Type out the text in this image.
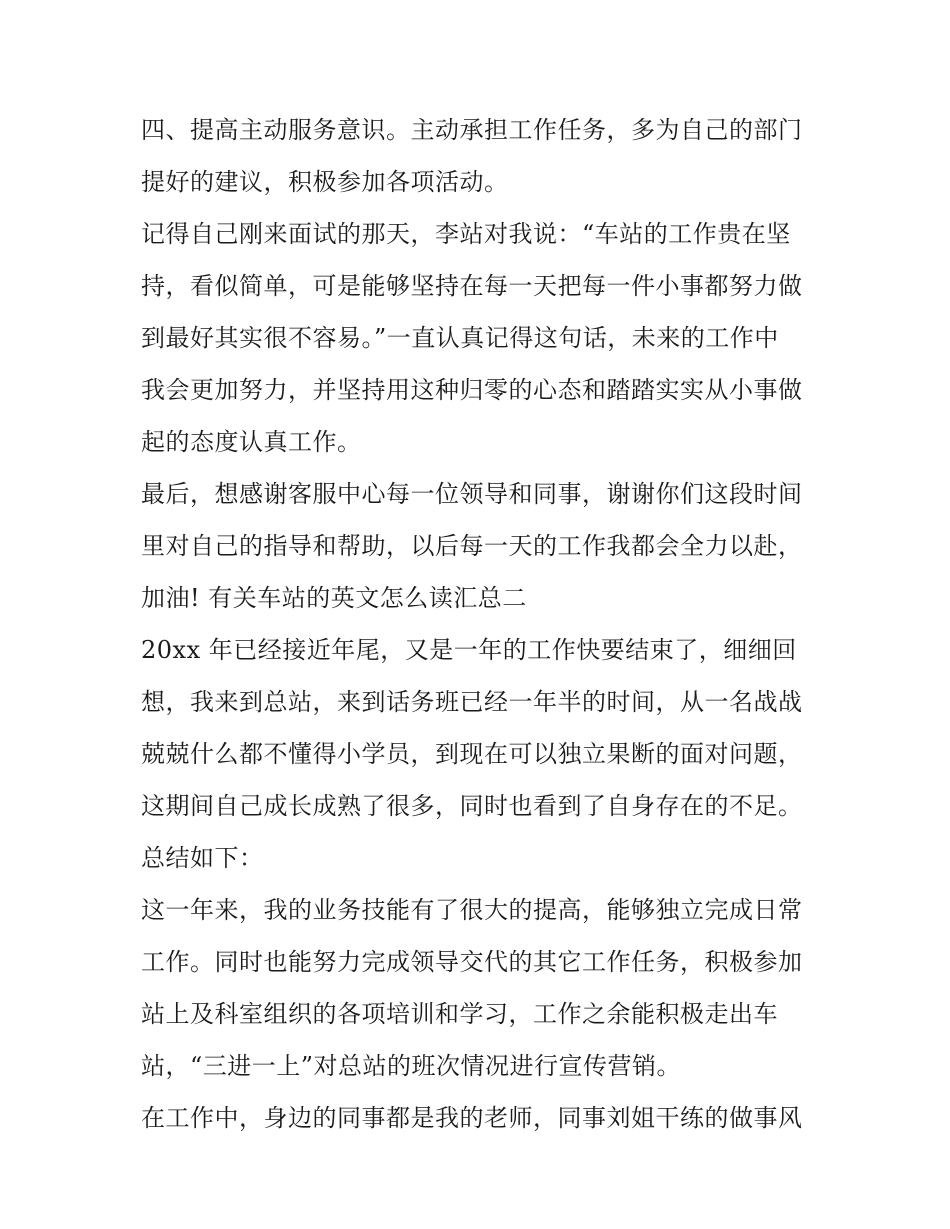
四、提高主动服务意识。主动承担工作任务，多为自己的部门
提好的建议，积极参加各项活动。

记得自己刚来面试的那天，李站对我说：“车站的工作贵在坚
持，看似简单，可是能够坚持在每一天把每一件小事都努力做
到最好其实很不容易。”一直认真记得这句话，未来的工作中
我会更加努力，并坚持用这种归零的心态和踏踏实实从小事做
起的态度认真工作。

最后，想感谢客服中心每一位领导和同事，谢谢你们这段时间
里对自己的指导和帮助，以后每一天的工作我都会全力以赴，
加油! 有关车站的英文怎么读汇总二

20xx 年已经接近年尾，又是一年的工作快要结束了，细细回
想，我来到总站，来到话务班已经一年半的时间，从一名战战
兢兢什么都不懂得小学员，到现在可以独立果断的面对问题，
这期间自己成长成熟了很多，同时也看到了自身存在的不足。
总结如下：

这一年来，我的业务技能有了很大的提高，能够独立完成日常
工作。同时也能努力完成领导交代的其它工作任务，积极参加
站上及科室组织的各项培训和学习，工作之余能积极走出车
站，“三进一上”对总站的班次情况进行宣传营销。

在工作中，身边的同事都是我的老师，同事刘姐干练的做事风
